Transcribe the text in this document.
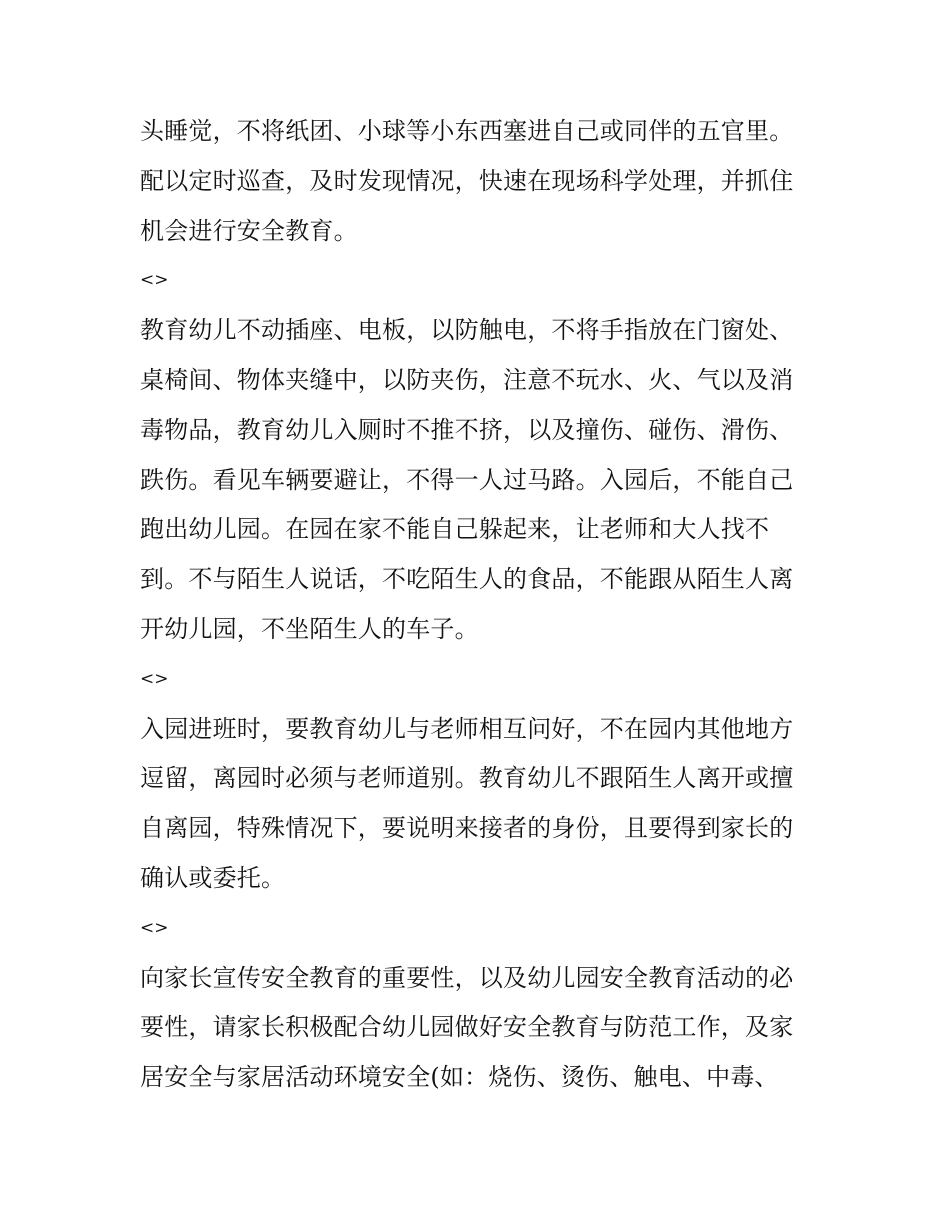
头睡觉，不将纸团、小球等小东西塞进自己或同伴的五官里。
配以定时巡查，及时发现情况，快速在现场科学处理，并抓住
机会进行安全教育。
<>
教育幼儿不动插座、电板，以防触电，不将手指放在门窗处、
桌椅间、物体夹缝中，以防夹伤，注意不玩水、火、气以及消
毒物品，教育幼儿入厕时不推不挤，以及撞伤、碰伤、滑伤、
跌伤。看见车辆要避让，不得一人过马路。入园后，不能自己
跑出幼儿园。在园在家不能自己躲起来，让老师和大人找不
到。不与陌生人说话，不吃陌生人的食品，不能跟从陌生人离
开幼儿园，不坐陌生人的车子。
<>
入园进班时，要教育幼儿与老师相互问好，不在园内其他地方
逗留，离园时必须与老师道别。教育幼儿不跟陌生人离开或擅
自离园，特殊情况下，要说明来接者的身份，且要得到家长的
确认或委托。
<>
向家长宣传安全教育的重要性，以及幼儿园安全教育活动的必
要性，请家长积极配合幼儿园做好安全教育与防范工作，及家
居安全与家居活动环境安全(如：烧伤、烫伤、触电、中毒、
